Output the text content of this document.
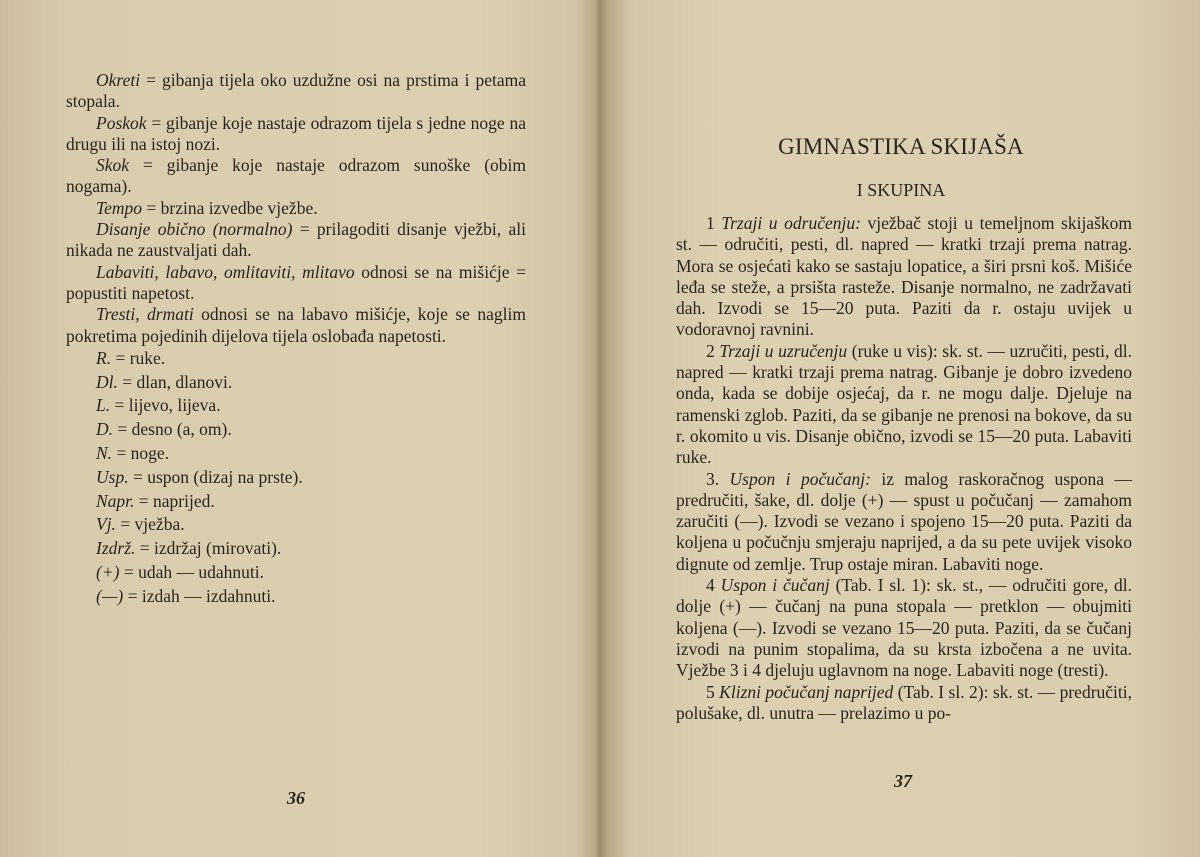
Okreti = gibanja tijela oko uzdužne osi na prstima i petama stopala.
Poskok = gibanje koje nastaje odrazom tijela s jedne noge na drugu ili na istoj nozi.
Skok = gibanje koje nastaje odrazom sunoške (obim nogama).
Tempo = brzina izvedbe vježbe.
Disanje obično (normalno) = prilagoditi disanje vježbi, ali nikada ne zaustvaljati dah.
Labaviti, labavo, omlitaviti, mlitavo odnosi se na mišićje = popustiti napetost.
Tresti, drmati odnosi se na labavo mišićje, koje se naglim pokretima pojedinih dijelova tijela oslobađa napetosti.
R. = ruke.
Dl. = dlan, dlanovi.
L. = lijevo, lijeva.
D. = desno (a, om).
N. = noge.
Usp. = uspon (dizaj na prste).
Napr. = naprijed.
Vj. = vježba.
Izdrž. = izdržaj (mirovati).
(+) = udah — udahnuti.
(—) = izdah — izdahnuti.
36
GIMNASTIKA SKIJAŠA
I SKUPINA
1 Trzaji u odručenju: vježbač stoji u temeljnom skijaškom st. — odručiti, pesti, dl. napred — kratki trzaji prema natrag. Mora se osjećati kako se sastaju lopatice, a širi prsni koš. Mišiće leđa se steže, a prsišta rasteže. Disanje normalno, ne zadržavati dah. Izvodi se 15—20 puta. Paziti da r. ostaju uvijek u vodoravnoj ravnini.
2 Trzaji u uzručenju (ruke u vis): sk. st. — uzručiti, pesti, dl. napred — kratki trzaji prema natrag. Gibanje je dobro izvedeno onda, kada se dobije osjećaj, da r. ne mogu dalje. Djeluje na ramenski zglob. Paziti, da se gibanje ne prenosi na bokove, da su r. okomito u vis. Disanje obično, izvodi se 15—20 puta. Labaviti ruke.
3. Uspon i počučanj: iz malog raskoračnog uspona — predručiti, šake, dl. dolje (+) — spust u počučanj — zamahom zaručiti (—). Izvodi se vezano i spojeno 15—20 puta. Paziti da koljena u počučnju smjeraju naprijed, a da su pete uvijek visoko dignute od zemlje. Trup ostaje miran. Labaviti noge.
4 Uspon i čučanj (Tab. I sl. 1): sk. st., — odručiti gore, dl. dolje (+) — čučanj na puna stopala — pretklon — obujmiti koljena (—). Izvodi se vezano 15—20 puta. Paziti, da se čučanj izvodi na punim stopalima, da su krsta izbočena a ne uvita. Vježbe 3 i 4 djeluju uglavnom na noge. Labaviti noge (tresti).
5 Klizni počučanj naprijed (Tab. I sl. 2): sk. st. — predručiti, polušake, dl. unutra — prelazimo u po-
37
